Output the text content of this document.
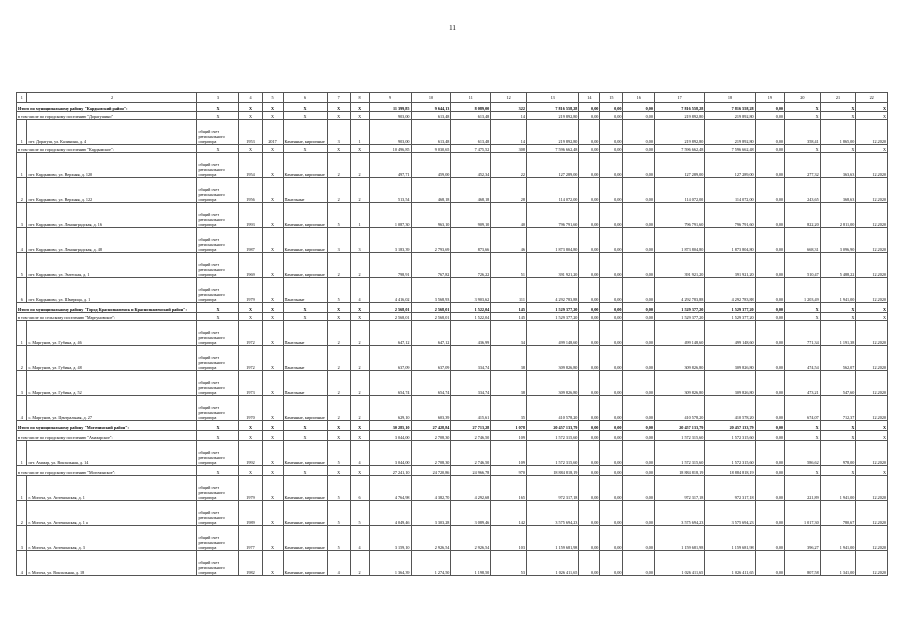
11
1	2	3	4	5	6	7	8	9	10	11	12	13	14	15	16	17	18	19	20	21	22
Итого по муниципальному району "Кардымский район":		X	X	X	X	X	X	11 399,85	9 644,13	8 089,00	322	7 816 558,28	0,00	0,00	0,00	7 816 558,28	7 816 558,28	0,00	X	X	X
в том числе по городскому поселению "Дорагушино"		X	X	X	X	X	X	903,00	613,48	613,48	14	219 892,80	0,00	0,00	0,00	219 892,80	219 892,80	0,00	X	X	X
1	пгт. Дорагуш, ул. Калинина, д. 4	общий счет регионального оператора	1953	2017	Каменные, кирпичные	3	1	903,00	613,48	613,48	14	219 892,80	0,00	0,00	0,00	219 892,80	219 892,80	0,00	358,41	1 865,00	12.2020
в том числе по городскому поселению "Кардымское":		X	X	X	X	X	X	10 496,85	9 030,65	7 475,52	308	7 596 662,48	0,00	0,00	0,00	7 596 662,48	7 596 662,48	0,00	X	X	X
1	пгт. Кардымово, ул. Верхняя, д. 120	общий счет регионального оператора	1954	X	Каменные, кирпичные	2	2	497,71	459,00	452,34	22	127 289,00	0,00	0,00	0,00	127 289,00	127 289,00	0,00	277,32	363,63	12.2020
2	пгт. Кардымово, ул. Верхняя, д. 122	общий счет регионального оператора	1956	X	Панельные	2	2	513,54	468,18	468,18	28	114 072,00	0,00	0,00	0,00	114 072,00	114 072,00	0,00	243,65	368,63	12.2020
3	пгт. Кардымово, ул. Ленинградская, д. 16	общий счет регионального оператора	1993	X	Каменные, кирпичные	5	1	1 087,30	963,10	909,10	40	796 791,60	0,00	0,00	0,00	796 791,60	796 791,60	0,00	822,20	2 811,00	12.2020
4	пгт. Кардымово, ул. Ленинградская, д. 48	общий счет регионального оператора	1987	X	Каменные, кирпичные	3	3	3 183,39	2 793,69	873,66	46	1 873 804,80	0,00	0,00	0,00	1 873 804,80	1 873 804,80	0,00	668,31	3 096,90	12.2020
5	пгт. Кардымово, ул. Энтеская, д. 1	общий счет регионального оператора	1969	X	Каменные, кирпичные	2	2	798,91	767,82	726,22	51	391 921,20	0,00	0,00	0,00	391 921,20	391 921,20	0,00	510,47	5 488,22	12.2020
6	пгт. Кардымово, ул. Шмерица, д. 1	общий счет регионального оператора	1979	X	Панельные	5	4	4 416,02	3 568,93	3 903,62	111	4 292 783,88	0,00	0,00	0,00	4 292 783,88	4 292 783,88	0,00	1 203,49	1 941,00	12.2020
Итого по муниципальному району "Город Краснознаменск и Краснознаменский район":		X	X	X	X	X	X	2 568,01	2 568,01	1 522,04	145	1 529 377,20	0,00	0,00	0,00	1 529 377,20	1 529 377,20	0,00	X	X	X
в том числе по сельскому поселению "Маргуновское":		X	X	X	X	X	X	2 568,01	2 568,01	1 522,04	145	1 529 377,20	0,00	0,00	0,00	1 529 377,20	1 529 377,20	0,00	X	X	X
1	с. Маргунов, ул. Губина, д. 46	общий счет регионального оператора	1972	X	Панельные	2	2	647,12	647,12	436,99	34	499 148,60	0,00	0,00	0,00	499 148,60	499 148,60	0,00	771,34	1 191,38	12.2020
2	с. Маргунов, ул. Губина, д. 48	общий счет регионального оператора	1972	X	Панельные	2	2	637,09	637,09	334,74	38	309 826,80	0,00	0,00	0,00	309 826,80	309 826,80	0,00	474,54	562,07	12.2020
3	с. Маргунов, ул. Губина, д. 52	общий счет регионального оператора	1973	X	Панельные	2	2	654,74	654,74	334,74	38	309 826,80	0,00	0,00	0,00	309 826,80	309 826,80	0,00	473,21	547,60	12.2020
4	с. Маргунов, ул. Центральная, д. 27	общий счет регионального оператора	1970	X	Каменные, кирпичные	2	2	629,10	603,39	415,61	35	410 578,20	0,00	0,00	0,00	410 578,20	410 578,20	0,00	674,07	712,37	12.2020
Итого по муниципальному району "Могочинский район":		X	X	X	X	X	X	30 285,10	27 428,84	27 713,28	1 078	20 457 133,79	0,00	0,00	0,00	20 457 133,79	20 457 133,79	0,00	X	X	X
в том числе по городскому поселению "Амазарское":		X	X	X	X	X	X	3 044,00	2 708,30	2 746,50	109	1 572 315,60	0,00	0,00	0,00	1 572 315,60	1 572 315,60	0,00	X	X	X
1	пгт. Амазар, ул. Вокзальная, д. 14	общий счет регионального оператора	1992	X	Каменные, кирпичные	5	4	3 044,00	2 708,30	2 746,50	109	1 572 315,60	0,00	0,00	0,00	1 572 315,60	1 572 315,60	0,00	586,62	978,00	12.2020
в том числе по городскому поселению "Могочинское":		X	X	X	X	X	X	27 241,10	24 720,86	24 966,78	970	18 884 818,19	0,00	0,00	0,00	18 884 818,19	18 884 818,19	0,00	X	X	X
1	г. Могоча, ул. Аптекинская, д. 1	общий счет регионального оператора	1979	X	Каменные, кирпичные	5	6	4 764,98	4 382,70	4 292,68	165	972 317,18	0,00	0,00	0,00	972 317,18	972 317,18	0,00	221,89	1 941,00	12.2020
2	г. Могоча, ул. Аптекинская, д. 1 а	общий счет регионального оператора	1989	X	Каменные, кирпичные	5	5	4 049,46	3 303,28	3 089,46	142	3 575 694,23	0,00	0,00	0,00	3 575 694,23	3 575 694,23	0,00	1 017,30	780,67	12.2020
3	г. Могоча, ул. Аптекинская, д. 3	общий счет регионального оператора	1977	X	Каменные, кирпичные	5	4	3 159,10	2 926,54	2 926,54	103	1 159 681,98	0,00	0,00	0,00	1 159 681,98	1 159 681,98	0,00	396,27	1 941,00	12.2020
4	г. Могоча, ул. Вокзальная, д. 18	общий счет регионального оператора	1982	X	Каменные, кирпичные	4	2	1 364,39	1 274,50	1 198,50	53	1 026 411,65	0,00	0,00	0,00	1 026 411,65	1 026 411,65	0,00	807,58	1 341,00	12.2020
